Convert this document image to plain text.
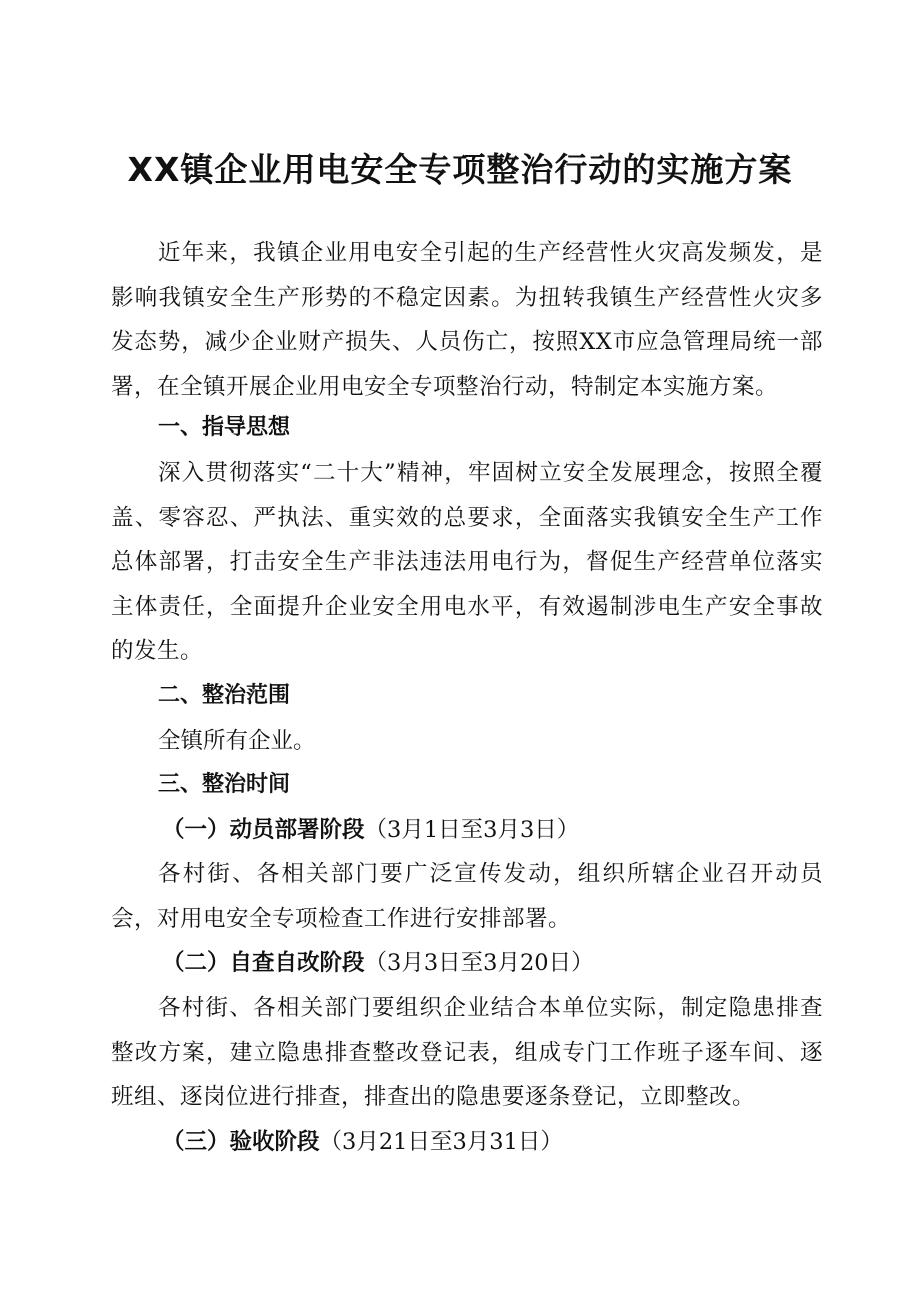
XX镇企业用电安全专项整治行动的实施方案

近年来，我镇企业用电安全引起的生产经营性火灾高发频发，是影响我镇安全生产形势的不稳定因素。为扭转我镇生产经营性火灾多发态势，减少企业财产损失、人员伤亡，按照XX市应急管理局统一部署，在全镇开展企业用电安全专项整治行动，特制定本实施方案。

一、指导思想

深入贯彻落实“二十大”精神，牢固树立安全发展理念，按照全覆盖、零容忍、严执法、重实效的总要求，全面落实我镇安全生产工作总体部署，打击安全生产非法违法用电行为，督促生产经营单位落实主体责任，全面提升企业安全用电水平，有效遏制涉电生产安全事故的发生。

二、整治范围

全镇所有企业。

三、整治时间

（一）动员部署阶段（3月1日至3月3日）

各村街、各相关部门要广泛宣传发动，组织所辖企业召开动员会，对用电安全专项检查工作进行安排部署。

（二）自查自改阶段（3月3日至3月20日）

各村街、各相关部门要组织企业结合本单位实际，制定隐患排查整改方案，建立隐患排查整改登记表，组成专门工作班子逐车间、逐班组、逐岗位进行排查，排查出的隐患要逐条登记，立即整改。

（三）验收阶段（3月21日至3月31日）
